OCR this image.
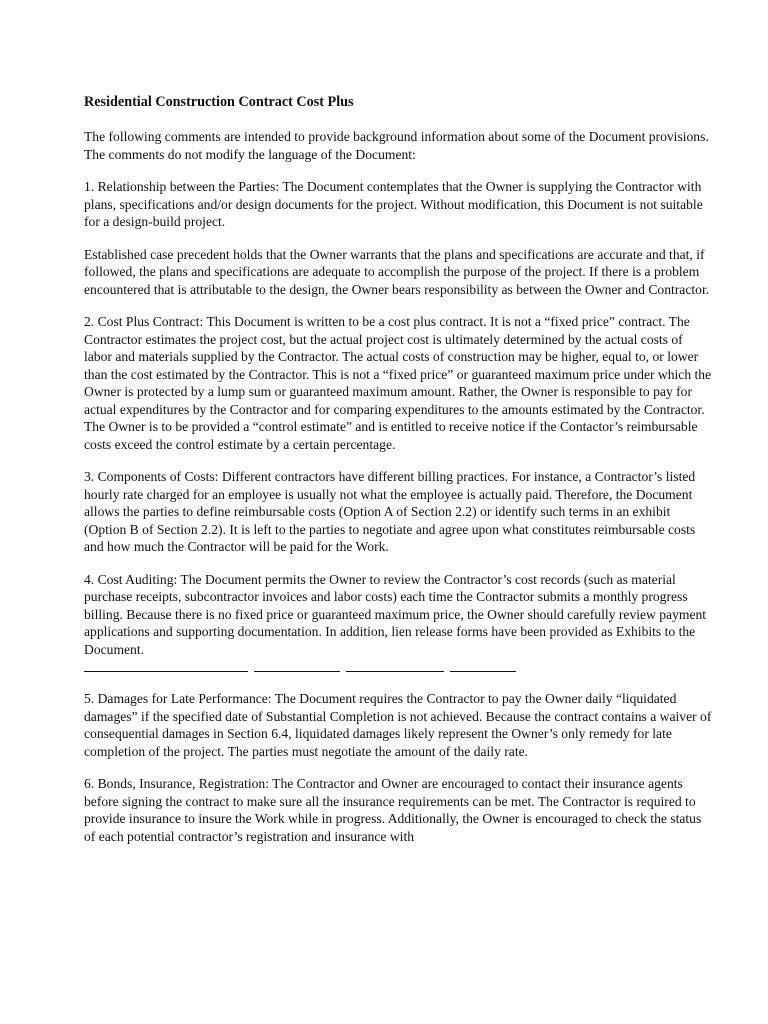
Residential Construction Contract Cost Plus

The following comments are intended to provide background information about some of the Document provisions. The comments do not modify the language of the Document:

1. Relationship between the Parties: The Document contemplates that the Owner is supplying the Contractor with plans, specifications and/or design documents for the project. Without modification, this Document is not suitable for a design-build project.

Established case precedent holds that the Owner warrants that the plans and specifications are accurate and that, if followed, the plans and specifications are adequate to accomplish the purpose of the project. If there is a problem encountered that is attributable to the design, the Owner bears responsibility as between the Owner and Contractor.

2. Cost Plus Contract: This Document is written to be a cost plus contract. It is not a “fixed price” contract. The Contractor estimates the project cost, but the actual project cost is ultimately determined by the actual costs of labor and materials supplied by the Contractor. The actual costs of construction may be higher, equal to, or lower than the cost estimated by the Contractor. This is not a “fixed price” or guaranteed maximum price under which the Owner is protected by a lump sum or guaranteed maximum amount. Rather, the Owner is responsible to pay for actual expenditures by the Contractor and for comparing expenditures to the amounts estimated by the Contractor. The Owner is to be provided a “control estimate” and is entitled to receive notice if the Contactor’s reimbursable costs exceed the control estimate by a certain percentage.

3. Components of Costs: Different contractors have different billing practices. For instance, a Contractor’s listed hourly rate charged for an employee is usually not what the employee is actually paid. Therefore, the Document allows the parties to define reimbursable costs (Option A of Section 2.2) or identify such terms in an exhibit (Option B of Section 2.2). It is left to the parties to negotiate and agree upon what constitutes reimbursable costs and how much the Contractor will be paid for the Work.

4. Cost Auditing: The Document permits the Owner to review the Contractor’s cost records (such as material purchase receipts, subcontractor invoices and labor costs) each time the Contractor submits a monthly progress billing. Because there is no fixed price or guaranteed maximum price, the Owner should carefully review payment applications and supporting documentation. In addition, lien release forms have been provided as Exhibits to the Document.

5. Damages for Late Performance: The Document requires the Contractor to pay the Owner daily “liquidated damages” if the specified date of Substantial Completion is not achieved. Because the contract contains a waiver of consequential damages in Section 6.4, liquidated damages likely represent the Owner’s only remedy for late completion of the project. The parties must negotiate the amount of the daily rate.

6. Bonds, Insurance, Registration: The Contractor and Owner are encouraged to contact their insurance agents before signing the contract to make sure all the insurance requirements can be met. The Contractor is required to provide insurance to insure the Work while in progress. Additionally, the Owner is encouraged to check the status of each potential contractor’s registration and insurance with
